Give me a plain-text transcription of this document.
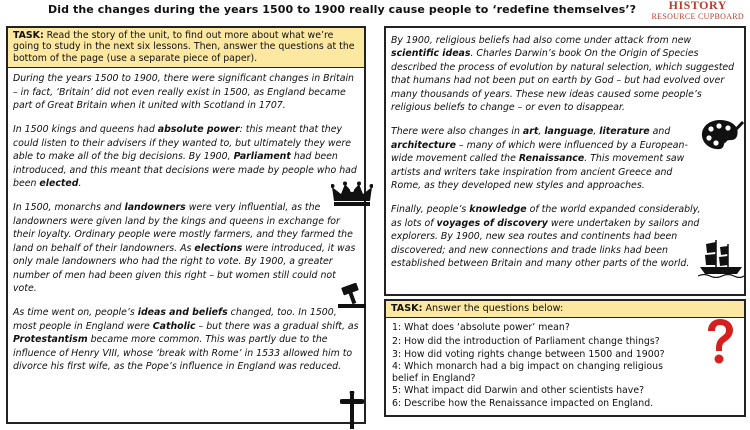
Did the changes during the years 1500 to 1900 really cause people to ‘redefine themselves’?	HISTORY
RESOURCE CUPBOARD
TASK: Read the story of the unit, to find out more about what we’re going to study in the next six lessons. Then, answer the questions at the bottom of the page (use a separate piece of paper).

During the years 1500 to 1900, there were significant changes in Britain – in fact, ‘Britain’ did not even really exist in 1500, as England became part of Great Britain when it united with Scotland in 1707.

In 1500 kings and queens had absolute power: this meant that they could listen to their advisers if they wanted to, but ultimately they were able to make all of the big decisions. By 1900, Parliament had been introduced, and this meant that decisions were made by people who had been elected.

In 1500, monarchs and landowners were very influential, as the landowners were given land by the kings and queens in exchange for their loyalty. Ordinary people were mostly farmers, and they farmed the land on behalf of their landowners. As elections were introduced, it was only male landowners who had the right to vote. By 1900, a greater number of men had been given this right – but women still could not vote.

As time went on, people’s ideas and beliefs changed, too. In 1500, most people in England were Catholic – but there was a gradual shift, as Protestantism became more common. This was partly due to the influence of Henry VIII, whose ‘break with Rome’ in 1533 allowed him to divorce his first wife, as the Pope’s influence in England was reduced.

By 1900, religious beliefs had also come under attack from new scientific ideas. Charles Darwin’s book On the Origin of Species described the process of evolution by natural selection, which suggested that humans had not been put on earth by God – but had evolved over many thousands of years. These new ideas caused some people’s religious beliefs to change – or even to disappear.

There were also changes in art, language, literature and architecture – many of which were influenced by a European-wide movement called the Renaissance. This movement saw artists and writers take inspiration from ancient Greece and Rome, as they developed new styles and approaches.

Finally, people’s knowledge of the world expanded considerably, as lots of voyages of discovery were undertaken by sailors and explorers. By 1900, new sea routes and continents had been discovered; and new connections and trade links had been established between Britain and many other parts of the world.

TASK: Answer the questions below:
1: What does ‘absolute power’ mean?
2: How did the introduction of Parliament change things?
3: How did voting rights change between 1500 and 1900?
4: Which monarch had a big impact on changing religious belief in England?
5: What impact did Darwin and other scientists have?
6: Describe how the Renaissance impacted on England.
